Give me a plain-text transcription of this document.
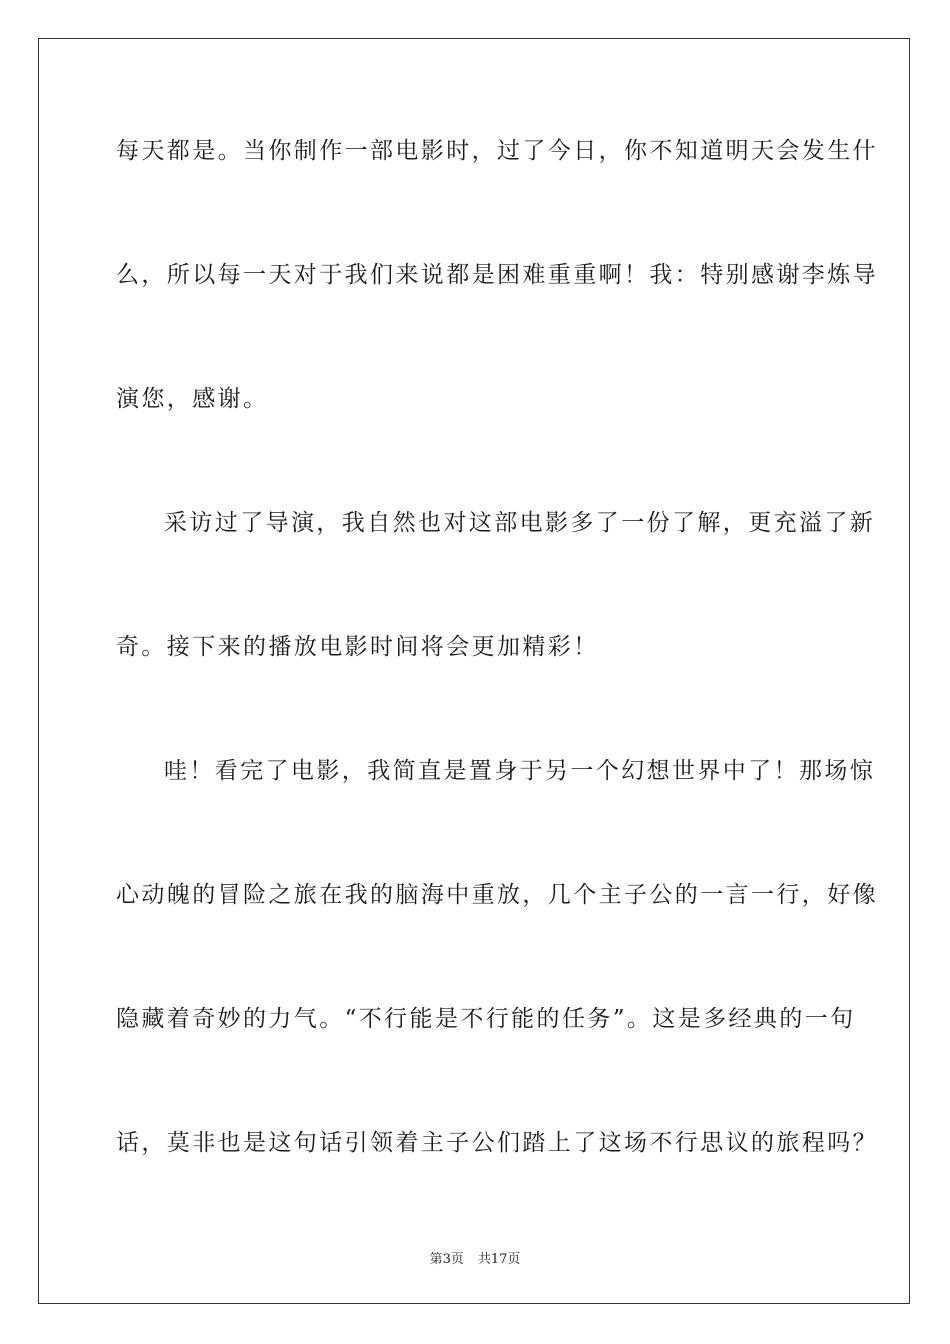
每天都是。当你制作一部电影时，过了今日，你不知道明天会发生什
么，所以每一天对于我们来说都是困难重重啊！我：特别感谢李炼导
演您，感谢。
采访过了导演，我自然也对这部电影多了一份了解，更充溢了新
奇。接下来的播放电影时间将会更加精彩！
哇！看完了电影，我简直是置身于另一个幻想世界中了！那场惊
心动魄的冒险之旅在我的脑海中重放，几个主子公的一言一行，好像
隐藏着奇妙的力气。“不行能是不行能的任务”。这是多经典的一句
话，莫非也是这句话引领着主子公们踏上了这场不行思议的旅程吗？
第3页 共17页
